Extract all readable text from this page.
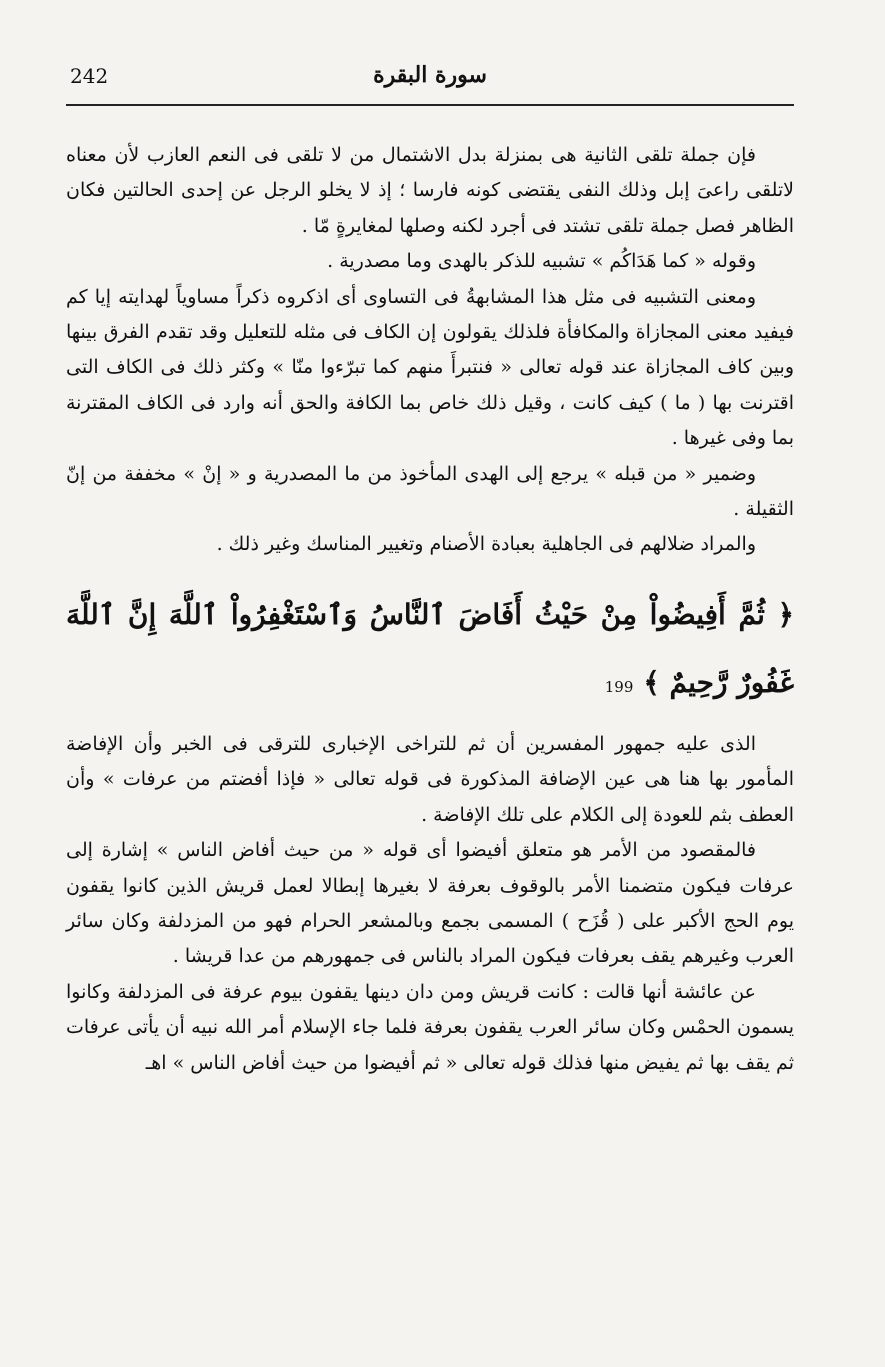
242	سورة البقرة

فإن جملة تلقى الثانية هى بمنزلة بدل الاشتمال من لا تلقى فى النعم العازب لأن معناه لاتلقى راعىَ إبل وذلك النفى يقتضى كونه فارسا ؛ إذ لا يخلو الرجل عن إحدى الحالتين فكان الظاهر فصل جملة تلقى تشتد فى أجرد لكنه وصلها لمغايرةٍ مّا .

وقوله « كما هَدَاكُم » تشبيه للذكر بالهدى وما مصدرية .

ومعنى التشبيه فى مثل هذا المشابهةُ فى التساوى أى اذكروه ذكراً مساوياً لهدايته إيا كم فيفيد معنى المجازاة والمكافأة فلذلك يقولون إن الكاف فى مثله للتعليل وقد تقدم الفرق بينها وبين كاف المجازاة عند قوله تعالى « فنتبرأَ منهم كما تبرّءوا منّا » وكثر ذلك فى الكاف التى اقترنت بها ( ما ) كيف كانت ، وقيل ذلك خاص بما الكافة والحق أنه وارد فى الكاف المقترنة بما وفى غيرها .

وضمير « من قبله » يرجع إلى الهدى المأخوذ من ما المصدرية و « إنْ » مخففة من إنّ الثقيلة .

والمراد ضلالهم فى الجاهلية بعبادة الأصنام وتغيير المناسك وغير ذلك .

﴿ ثُمَّ أَفِيضُواْ مِنْ حَيْثُ أَفَاضَ ٱلنَّاسُ وَٱسْتَغْفِرُواْ ٱللَّهَ إِنَّ ٱللَّهَ غَفُورٌ رَّحِيمٌ ﴾199

الذى عليه جمهور المفسرين أن ثم للتراخى الإخبارى للترقى فى الخبر وأن الإفاضة المأمور بها هنا هى عين الإضافة المذكورة فى قوله تعالى « فإذا أفضتم من عرفات » وأن العطف بثم للعودة إلى الكلام على تلك الإفاضة .

فالمقصود من الأمر هو متعلق أفيضوا أى قوله « من حيث أفاض الناس » إشارة إلى عرفات فيكون متضمنا الأمر بالوقوف بعرفة لا بغيرها إبطالا لعمل قريش الذين كانوا يقفون يوم الحج الأكبر على ( قُزَح ) المسمى بجمع وبالمشعر الحرام فهو من المزدلفة وكان سائر العرب وغيرهم يقف بعرفات فيكون المراد بالناس فى جمهورهم من عدا قريشا .

عن عائشة أنها قالت : كانت قريش ومن دان دينها يقفون بيوم عرفة فى المزدلفة وكانوا يسمون الحمْس وكان سائر العرب يقفون بعرفة فلما جاء الإسلام أمر الله نبيه أن يأتى عرفات ثم يقف بها ثم يفيض منها فذلك قوله تعالى « ثم أفيضوا من حيث أفاض الناس » اهـ
